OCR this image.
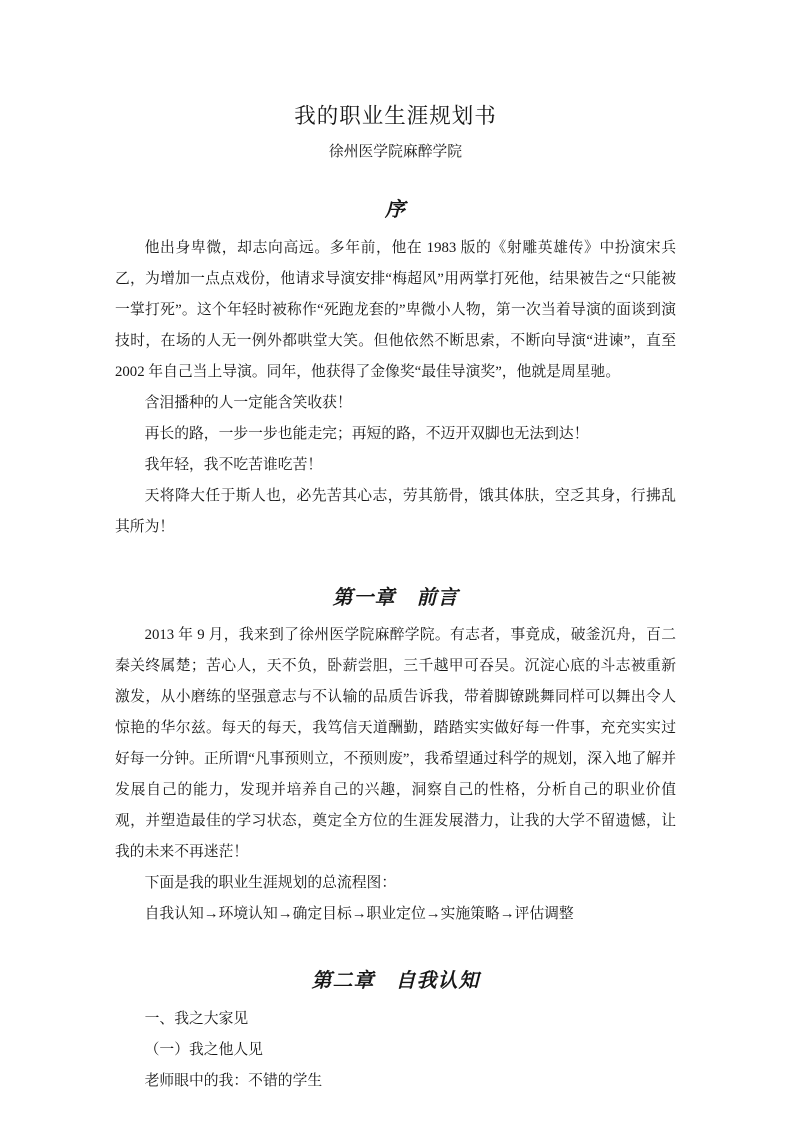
我的职业生涯规划书

徐州医学院麻醉学院

序

他出身卑微，却志向高远。多年前，他在 1983 版的《射雕英雄传》中扮演宋兵乙，为增加一点点戏份，他请求导演安排“梅超风”用两掌打死他，结果被告之“只能被一掌打死”。这个年轻时被称作“死跑龙套的”卑微小人物，第一次当着导演的面谈到演技时，在场的人无一例外都哄堂大笑。但他依然不断思索，不断向导演“进谏”，直至 2002 年自己当上导演。同年，他获得了金像奖“最佳导演奖”，他就是周星驰。

含泪播种的人一定能含笑收获！

再长的路，一步一步也能走完；再短的路，不迈开双脚也无法到达！

我年轻，我不吃苦谁吃苦！

天将降大任于斯人也，必先苦其心志，劳其筋骨，饿其体肤，空乏其身，行拂乱其所为！

第一章　前言

2013 年 9 月，我来到了徐州医学院麻醉学院。有志者，事竟成，破釜沉舟，百二秦关终属楚；苦心人，天不负，卧薪尝胆，三千越甲可吞吴。沉淀心底的斗志被重新激发，从小磨练的坚强意志与不认输的品质告诉我，带着脚镣跳舞同样可以舞出令人惊艳的华尔兹。每天的每天，我笃信天道酬勤，踏踏实实做好每一件事，充充实实过好每一分钟。正所谓“凡事预则立，不预则废”，我希望通过科学的规划，深入地了解并发展自己的能力，发现并培养自己的兴趣，洞察自己的性格，分析自己的职业价值观，并塑造最佳的学习状态，奠定全方位的生涯发展潜力，让我的大学不留遗憾，让我的未来不再迷茫！

下面是我的职业生涯规划的总流程图：

自我认知→环境认知→确定目标→职业定位→实施策略→评估调整

第二章　自我认知

一、我之大家见

（一）我之他人见

老师眼中的我：不错的学生
